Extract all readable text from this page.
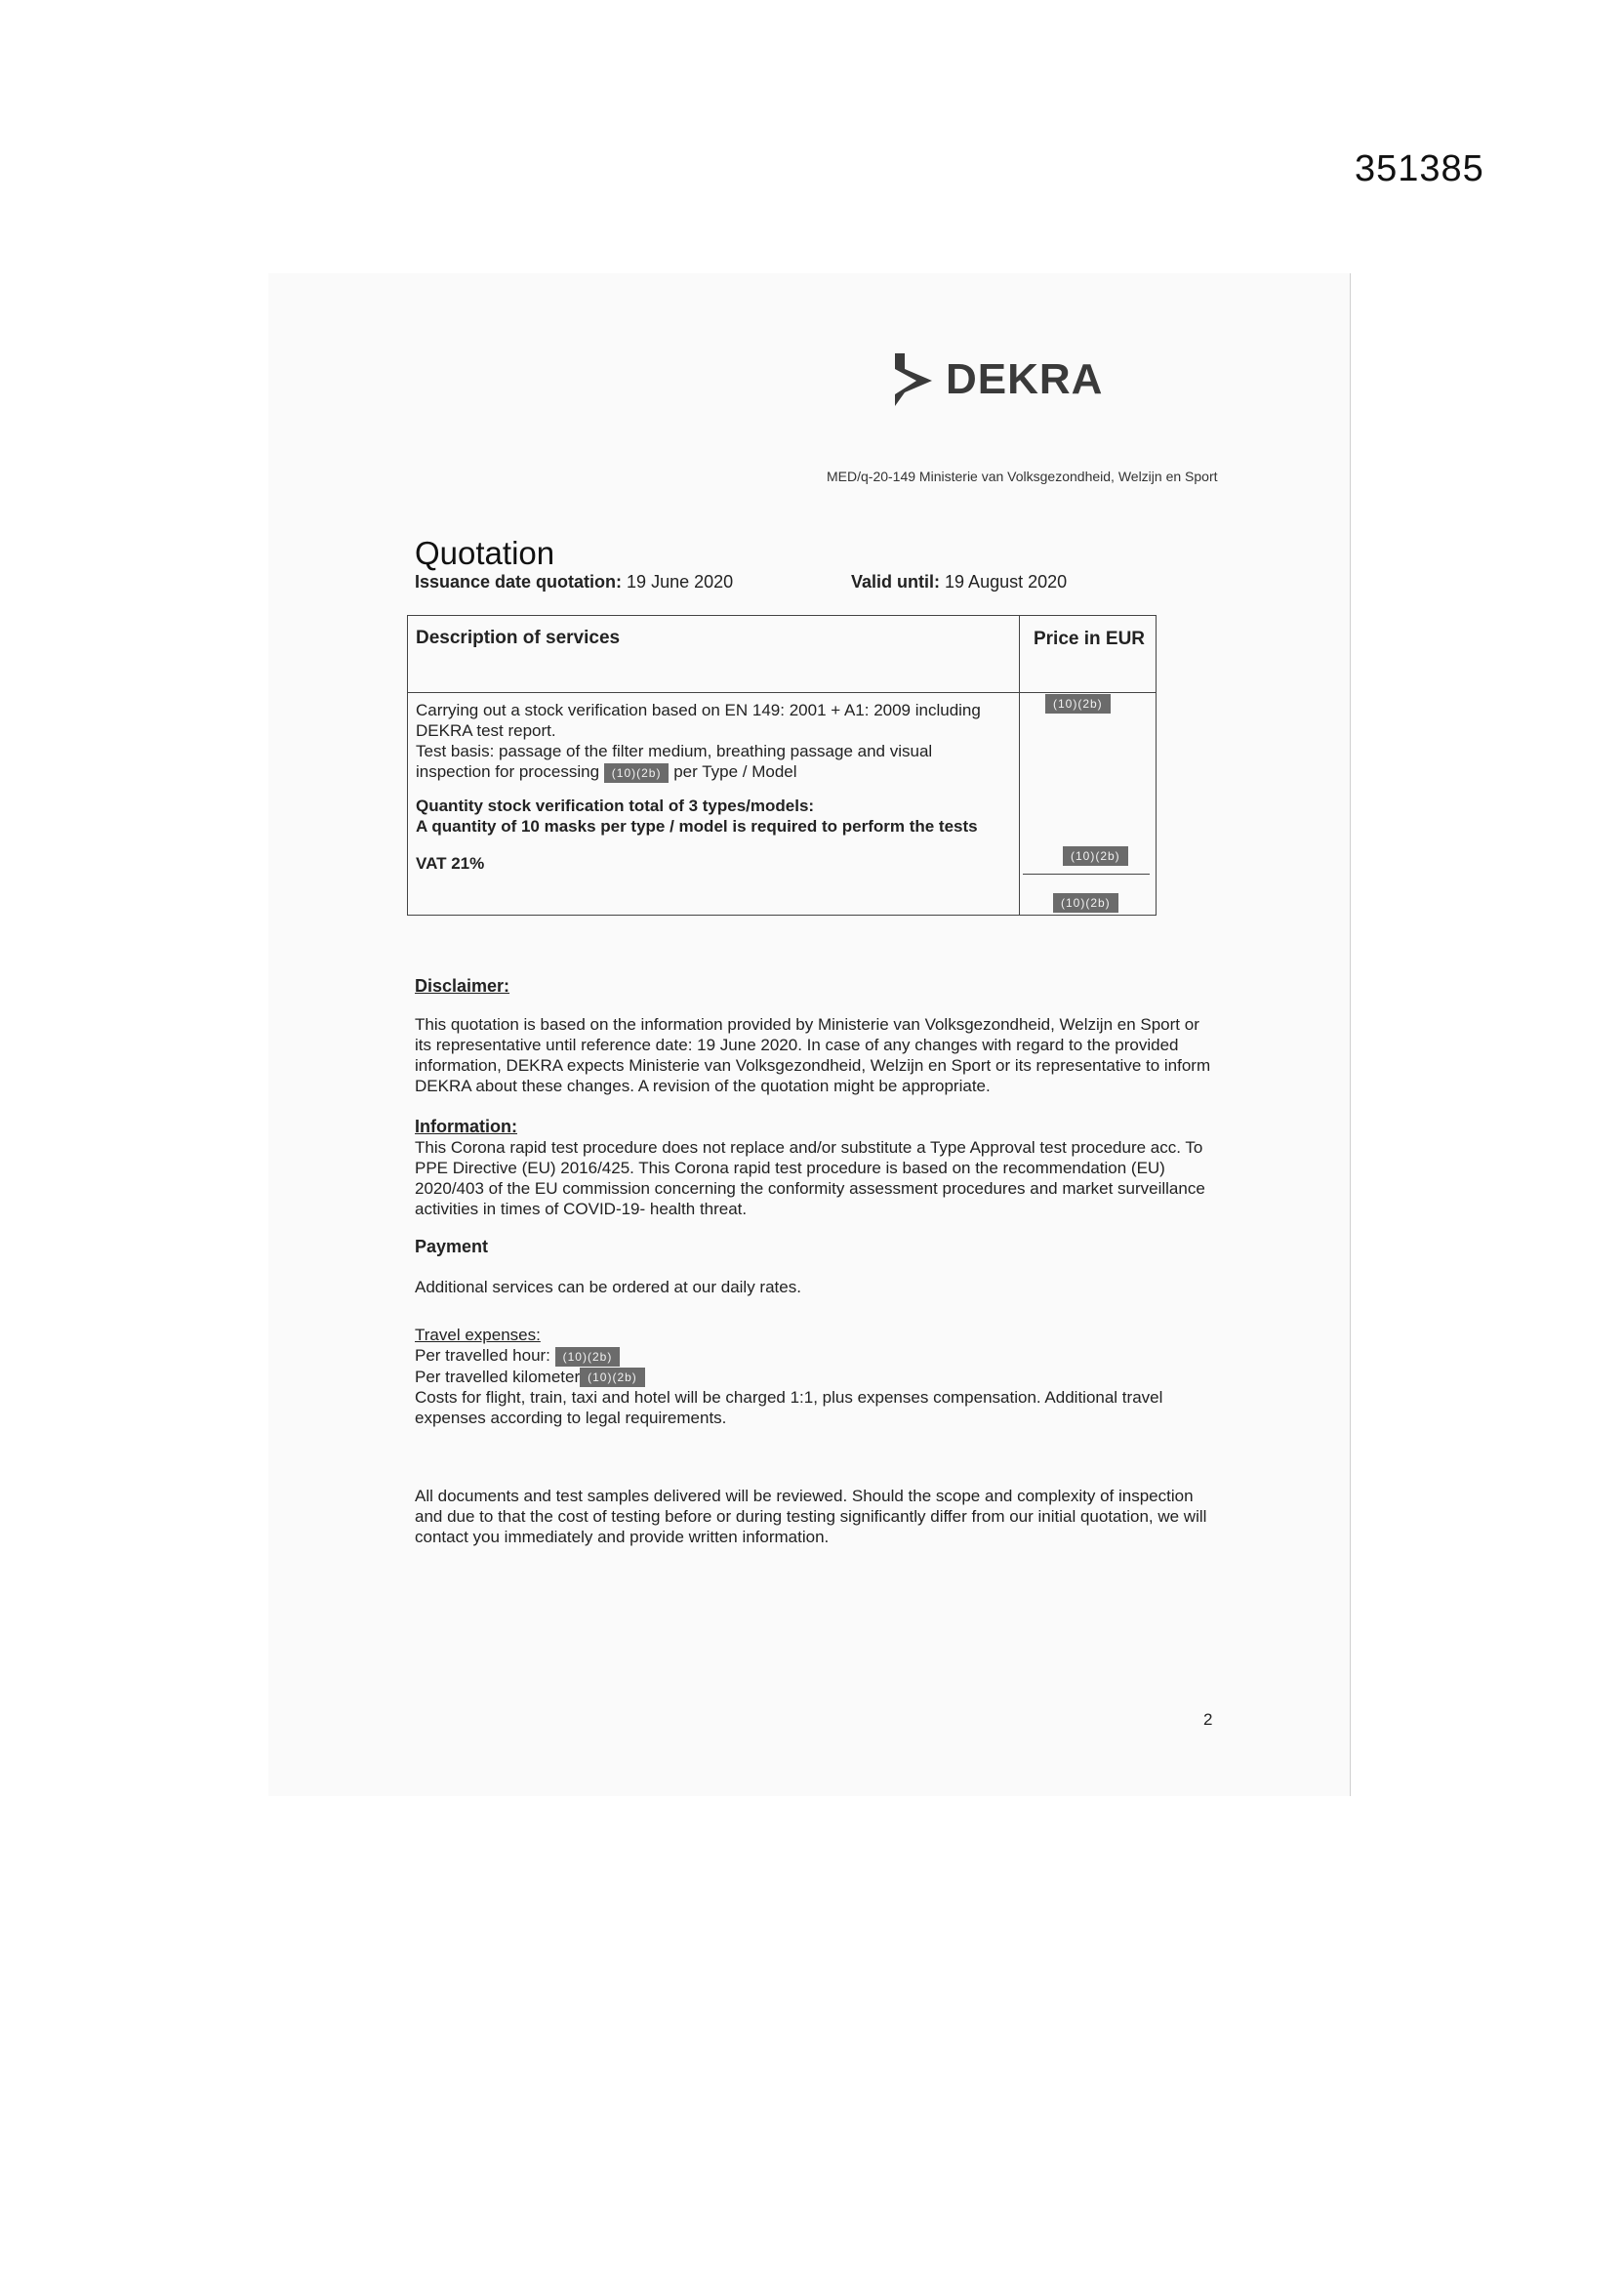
351385
DEKRA
MED/q-20-149 Ministerie van Volksgezondheid, Welzijn en Sport
Quotation
Issuance date quotation: 19 June 2020	Valid until: 19 August 2020
Description of services	Price in EUR
Carrying out a stock verification based on EN 149: 2001 + A1: 2009 including
DEKRA test report.
Test basis: passage of the filter medium, breathing passage and visual
inspection for processing (10)(2b) per Type / Model
Quantity stock verification total of 3 types/models:
A quantity of 10 masks per type / model is required to perform the tests
VAT 21%
(10)(2b)
(10)(2b)
(10)(2b)
Disclaimer:
This quotation is based on the information provided by Ministerie van Volksgezondheid, Welzijn en Sport or its representative until reference date: 19 June 2020. In case of any changes with regard to the provided information, DEKRA expects Ministerie van Volksgezondheid, Welzijn en Sport or its representative to inform DEKRA about these changes. A revision of the quotation might be appropriate.
Information:
This Corona rapid test procedure does not replace and/or substitute a Type Approval test procedure acc. To PPE Directive (EU) 2016/425. This Corona rapid test procedure is based on the recommendation (EU) 2020/403 of the EU commission concerning the conformity assessment procedures and market surveillance activities in times of COVID-19- health threat.
Payment
Additional services can be ordered at our daily rates.
Travel expenses:
Per travelled hour: (10)(2b)
Per travelled kilometer (10)(2b)
Costs for flight, train, taxi and hotel will be charged 1:1, plus expenses compensation. Additional travel expenses according to legal requirements.
All documents and test samples delivered will be reviewed. Should the scope and complexity of inspection and due to that the cost of testing before or during testing significantly differ from our initial quotation, we will contact you immediately and provide written information.
2
